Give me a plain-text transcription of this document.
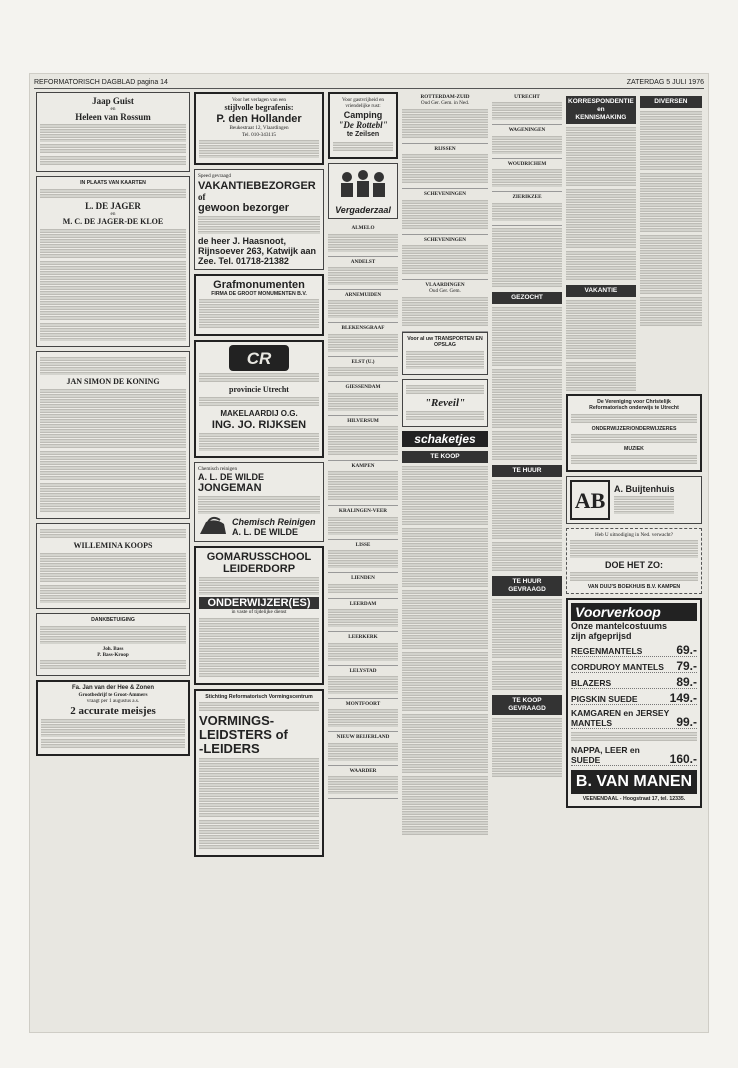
REFORMATORISCH DAGBLAD pagina 14	ZATERDAG 5 JULI 1976
Jaap Guist
en
Heleen van Rossum
IN PLAATS VAN KAARTEN
L. DE JAGER
en
M. C. DE JAGER-DE KLOE
JAN SIMON DE KONING
WILLEMINA KOOPS
DANKBETUIGING
Joh. Bass
P. Bass-Kroop
Fa. Jan van der Hee & Zonen
Grootbedrijf te Groot-Ammers
vraagt per 1 augustus a.s.
2 accurate meisjes
Voor het verlagen van een
stijlvolle begrafenis:
P. den Hollander
Beukestraat 12, Vlaardingen
Tel. 010-343115
Speed gevraagd
VAKANTIEBEZORGER
of
gewoon bezorger
de heer J. Haasnoot,
Rijnsoever 263, Katwijk aan
Zee. Tel. 01718-21382
Grafmonumenten
FIRMA DE GROOT MONUMENTEN B.V.
CR
provincie Utrecht
MAKELAARDIJ O.G.
ING. JO. RIJKSEN
Chemisch reinigen
A. L. DE WILDE
JONGEMAN
Chemisch Reinigen
A. L. DE WILDE
GOMARUSSCHOOL
LEIDERDORP
ONDERWIJZER(ES)
in vaste of tijdelijke dienst
Stichting Reformatorisch Vormingscentrum
VORMINGS-
LEIDSTERS of
-LEIDERS
Voor gastvrijheid en vriendelijke rust:
Camping
"De Rottebl"
te Zeilsen
Vergaderzaal

ALMELO

ANDELST

ARNEMUIDEN

BLEKENSGRAAF

ELST (U.)

GIESSENDAM

HILVERSUM

KAMPEN

KRALINGEN-VEER

LISSE

LIENDEN

LEERDAM

LEERKERK

LELYSTAD

MONTFOORT

NIEUW BEIJERLAND

WAARDER

ROTTERDAM-ZUID

Oud Ger. Gem. in Ned.

RIJSSEN

SCHEVENINGEN

SCHEVENINGEN

VLAARDINGEN

Oud Ger. Gem.

Voor al uw TRANSPORTEN EN OPSLAG
"Reveil"
schaketjes
TE KOOP

UTRECHT

WAGENINGEN

WOUDRICHEM

ZIERIKZEE

GEZOCHT
TE HUUR
TE HUUR GEVRAAGD
TE KOOP GEVRAAGD
KORRESPONDENTIE
en
KENNISMAKING
VAKANTIE
DIVERSEN
De Vereniging voor Christelijk
Reformatorisch onderwijs te Utrecht
ONDERWIJZER/ONDERWIJZERES
MUZIEK
AB A. Buijtenhuis
Heb U uitnodiging in Ned. verwacht?
DOE HET ZO:
VAN DUIJ'S BOEKHUIS B.V. KAMPEN
Voorverkoop
Onze mantelcostuums
zijn afgeprijsd
REGENMANTELS	69.-
CORDUROY MANTELS 79.-
BLAZERS	89.-
PIGSKIN SUEDE	149.-
KAMGAREN en JERSEY MANTELS	99.-
NAPPA, LEER en SUEDE	160.-
B. VAN MANEN
VEENENDAAL - Hoogstraat 17, tel. 12335.
